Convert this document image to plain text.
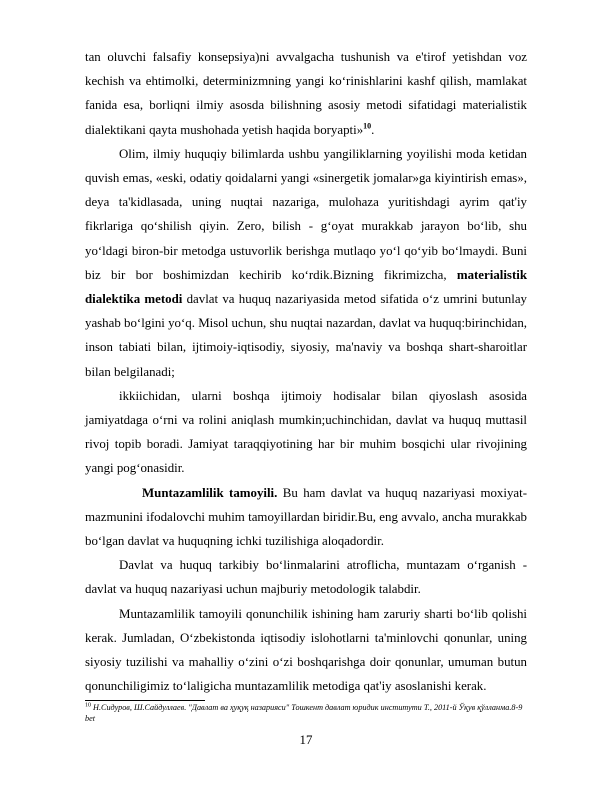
tan oluvchi falsafiy konsepsiya)ni avvalgacha tushunish va e'tirof yetishdan voz kechish va ehtimolki, determinizmning yangi ko‘rinishlarini kashf qilish, mamlakat fanida esa, borliqni ilmiy asosda bilishning asosiy metodi sifatidagi materialistik dialektikani qayta mushohada yetish haqida boryapti»$^{10}$.

Olim, ilmiy huquqiy bilimlarda ushbu yangiliklarning yoyilishi moda ketidan quvish emas, «eski, odatiy qoidalarni yangi «sinergetik jomalar»ga kiyintirish emas», deya ta'kidlasada, uning nuqtai nazariga, mulohaza yuritishdagi ayrim qat'iy fikrlariga qo‘shilish qiyin. Zero, bilish - g‘oyat murakkab jarayon bo‘lib, shu yo‘ldagi biron-bir metodga ustuvorlik berishga mutlaqo yo‘l qo‘yib bo‘lmaydi. Buni biz bir bor boshimizdan kechirib ko‘rdik.Bizning fikrimizcha, materialistik dialektika metodi davlat va huquq nazariyasida metod sifatida o‘z umrini butunlay yashab bo‘lgini yo‘q. Misol uchun, shu nuqtai nazardan, davlat va huquq:birinchidan, inson tabiati bilan, ijtimoiy-iqtisodiy, siyosiy, ma'naviy va boshqa shart-sharoitlar bilan belgilanadi;

ikkiichidan, ularni boshqa ijtimoiy hodisalar bilan qiyoslash asosida jamiyatdaga o‘rni va rolini aniqlash mumkin;uchinchidan, davlat va huquq muttasil rivoj topib boradi. Jamiyat taraqqiyotining har bir muhim bosqichi ular rivojining yangi pog‘onasidir.

Muntazamlilik tamoyili. Bu ham davlat va huquq nazariyasi moxiyat-mazmunini ifodalovchi muhim tamoyillardan biridir.Bu, eng avvalo, ancha murakkab bo‘lgan davlat va huquqning ichki tuzilishiga aloqadordir.

Davlat va huquq tarkibiy bo‘linmalarini atroflicha, muntazam o‘rganish - davlat va huquq nazariyasi uchun majburiy metodologik talabdir.

Muntazamlilik tamoyili qonunchilik ishining ham zaruriy sharti bo‘lib qolishi kerak. Jumladan, O‘zbekistonda iqtisodiy islohotlarni ta'minlovchi qonunlar, uning siyosiy tuzilishi va mahalliy o‘zini o‘zi boshqarishga doir qonunlar, umuman butun qonunchiligimiz to‘laligicha muntazamlilik metodiga qat'iy asoslanishi kerak.

$^{10}$ Н.Сидуров, Ш.Сайдуллаев. "Давлат ва ҳуқуқ назарияси" Тошкент давлат юридик институти Т., 2011-й Ўқув қўлланма.8-9 bet
17
